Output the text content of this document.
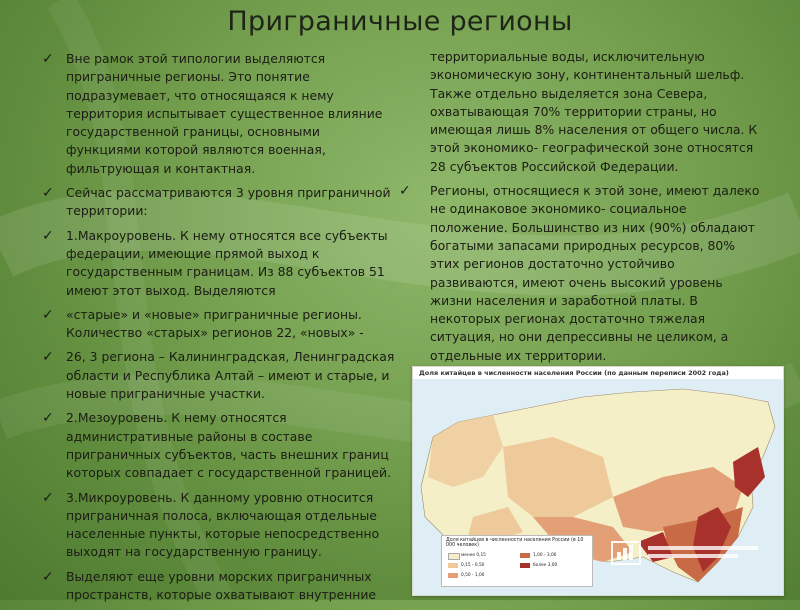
Приграничные регионы
✓ Вне рамок этой типологии выделяются приграничные регионы. Это понятие подразумевает, что относящаяся к нему территория испытывает существенное влияние государственной границы, основными функциями которой являются военная, фильтрующая и контактная.
✓ Сейчас рассматриваются 3 уровня приграничной территории:
✓ 1.Макроуровень. К нему относятся все субъекты федерации, имеющие прямой выход к государственным границам. Из 88 субъектов 51 имеют этот выход. Выделяются
✓ «старые» и «новые» приграничные регионы. Количество «старых» регионов 22, «новых» -
✓ 26, 3 региона – Калининградская, Ленинградская области и Республика Алтай – имеют и старые, и новые приграничные участки.
✓ 2.Мезоуровень. К нему относятся административные районы в составе приграничных субъектов, часть внешних границ которых совпадает с государственной границей.
✓ 3.Микроуровень. К данному уровню относится приграничная полоса, включающая отдельные населенные пункты, которые непосредственно выходят на государственную границу.
✓ Выделяют еще уровни морских приграничных пространств, которые охватывают внутренние
территориальные воды, исключительную экономическую зону, континентальный шельф. Также отдельно выделяется зона Севера, охватывающая 70% территории страны, но имеющая лишь 8% населения от общего числа. К этой экономико- географической зоне относятся 28 субъектов Российской Федерации.
✓ Регионы, относящиеся к этой зоне, имеют далеко не одинаковое экономико- социальное положение. Большинство из них (90%) обладают богатыми запасами природных ресурсов, 80% этих регионов достаточно устойчиво развиваются, имеют очень высокий уровень жизни населения и заработной платы. В некоторых регионах достаточно тяжелая ситуация, но они депрессивны не целиком, а отдельные их территории.
Доля китайцев в численности населения России (по данным переписи 2002 года)
Доля китайцев в численности населения России (в 10 000 человек)
менее 0,15
0,15 - 0,50
0,50 - 1,00
1,00 - 3,00
более 3,00
